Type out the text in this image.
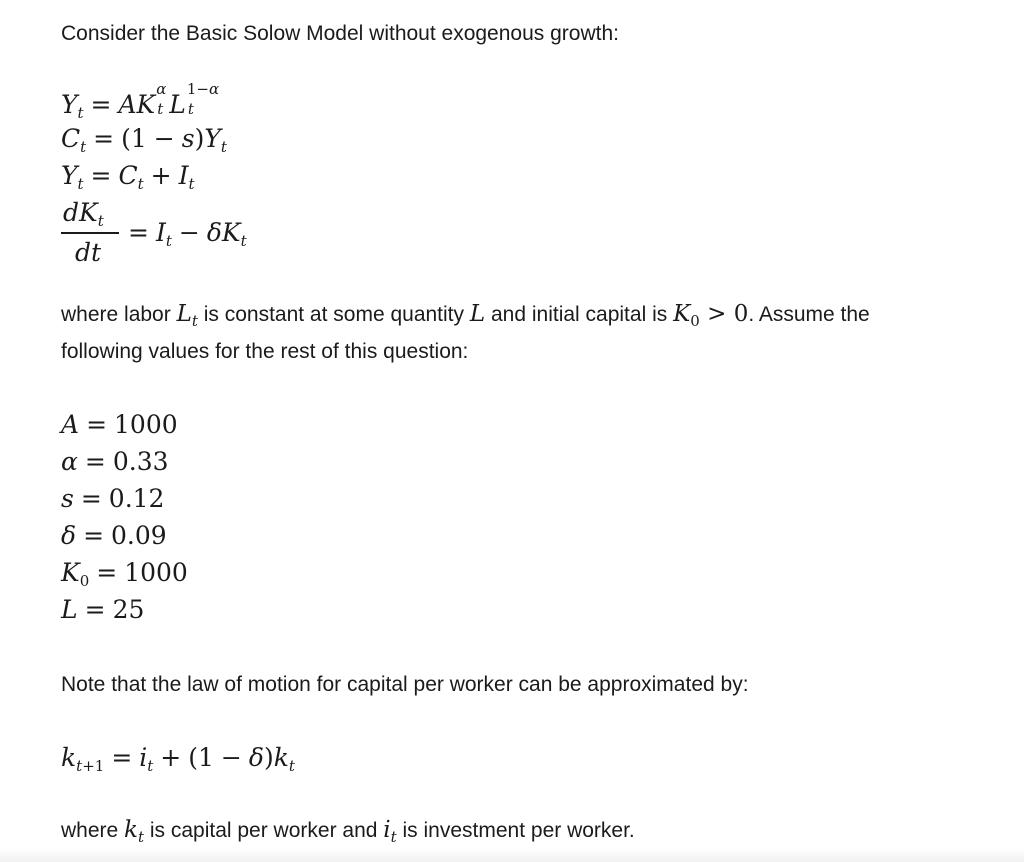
Consider the Basic Solow Model without exogenous growth:
$Y_t$ = AK
α
t L
1−α
t

$C_t = (1 - s)Y_t$
$Y_t = C_t + I_t$
$dK_t$
dt
= $I_t - \delta K_t$
where labor $L_t$ is constant at some quantity L and initial capital is $K_0 > 0$. Assume the
following values for the rest of this question:
A = 1000
α = 0.33
s = 0.12
δ = 0.09
$K_0 = 1000$
L = 25
Note that the law of motion for capital per worker can be approximated by:
$k_{t+1} = i_t + (1 - \delta)k_t$
where $k_t$ is capital per worker and $i_t$ is investment per worker.
